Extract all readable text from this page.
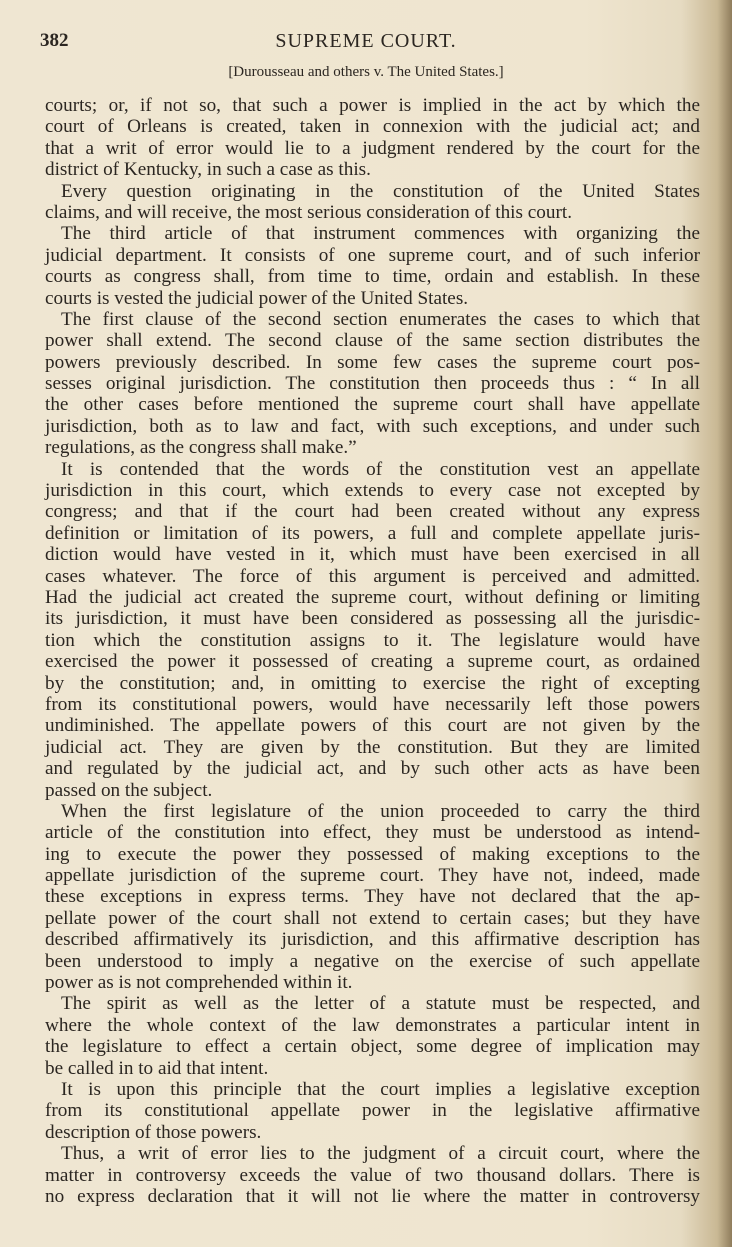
382	SUPREME COURT.
[Durousseau and others v. The United States.]
courts; or, if not so, that such a power is implied in the act by which the
court of Orleans is created, taken in connexion with the judicial act; and
that a writ of error would lie to a judgment rendered by the court for the
district of Kentucky, in such a case as this.
Every question originating in the constitution of the United States
claims, and will receive, the most serious consideration of this court.
The third article of that instrument commences with organizing the
judicial department. It consists of one supreme court, and of such inferior
courts as congress shall, from time to time, ordain and establish. In these
courts is vested the judicial power of the United States.
The first clause of the second section enumerates the cases to which that
power shall extend. The second clause of the same section distributes the
powers previously described. In some few cases the supreme court pos-
sesses original jurisdiction. The constitution then proceeds thus : “ In all
the other cases before mentioned the supreme court shall have appellate
jurisdiction, both as to law and fact, with such exceptions, and under such
regulations, as the congress shall make.”
It is contended that the words of the constitution vest an appellate
jurisdiction in this court, which extends to every case not excepted by
congress; and that if the court had been created without any express
definition or limitation of its powers, a full and complete appellate juris-
diction would have vested in it, which must have been exercised in all
cases whatever. The force of this argument is perceived and admitted.
Had the judicial act created the supreme court, without defining or limiting
its jurisdiction, it must have been considered as possessing all the jurisdic-
tion which the constitution assigns to it. The legislature would have
exercised the power it possessed of creating a supreme court, as ordained
by the constitution; and, in omitting to exercise the right of excepting
from its constitutional powers, would have necessarily left those powers
undiminished. The appellate powers of this court are not given by the
judicial act. They are given by the constitution. But they are limited
and regulated by the judicial act, and by such other acts as have been
passed on the subject.
When the first legislature of the union proceeded to carry the third
article of the constitution into effect, they must be understood as intend-
ing to execute the power they possessed of making exceptions to the
appellate jurisdiction of the supreme court. They have not, indeed, made
these exceptions in express terms. They have not declared that the ap-
pellate power of the court shall not extend to certain cases; but they have
described affirmatively its jurisdiction, and this affirmative description has
been understood to imply a negative on the exercise of such appellate
power as is not comprehended within it.
The spirit as well as the letter of a statute must be respected, and
where the whole context of the law demonstrates a particular intent in
the legislature to effect a certain object, some degree of implication may
be called in to aid that intent.
It is upon this principle that the court implies a legislative exception
from its constitutional appellate power in the legislative affirmative
description of those powers.
Thus, a writ of error lies to the judgment of a circuit court, where the
matter in controversy exceeds the value of two thousand dollars. There is
no express declaration that it will not lie where the matter in controversy
